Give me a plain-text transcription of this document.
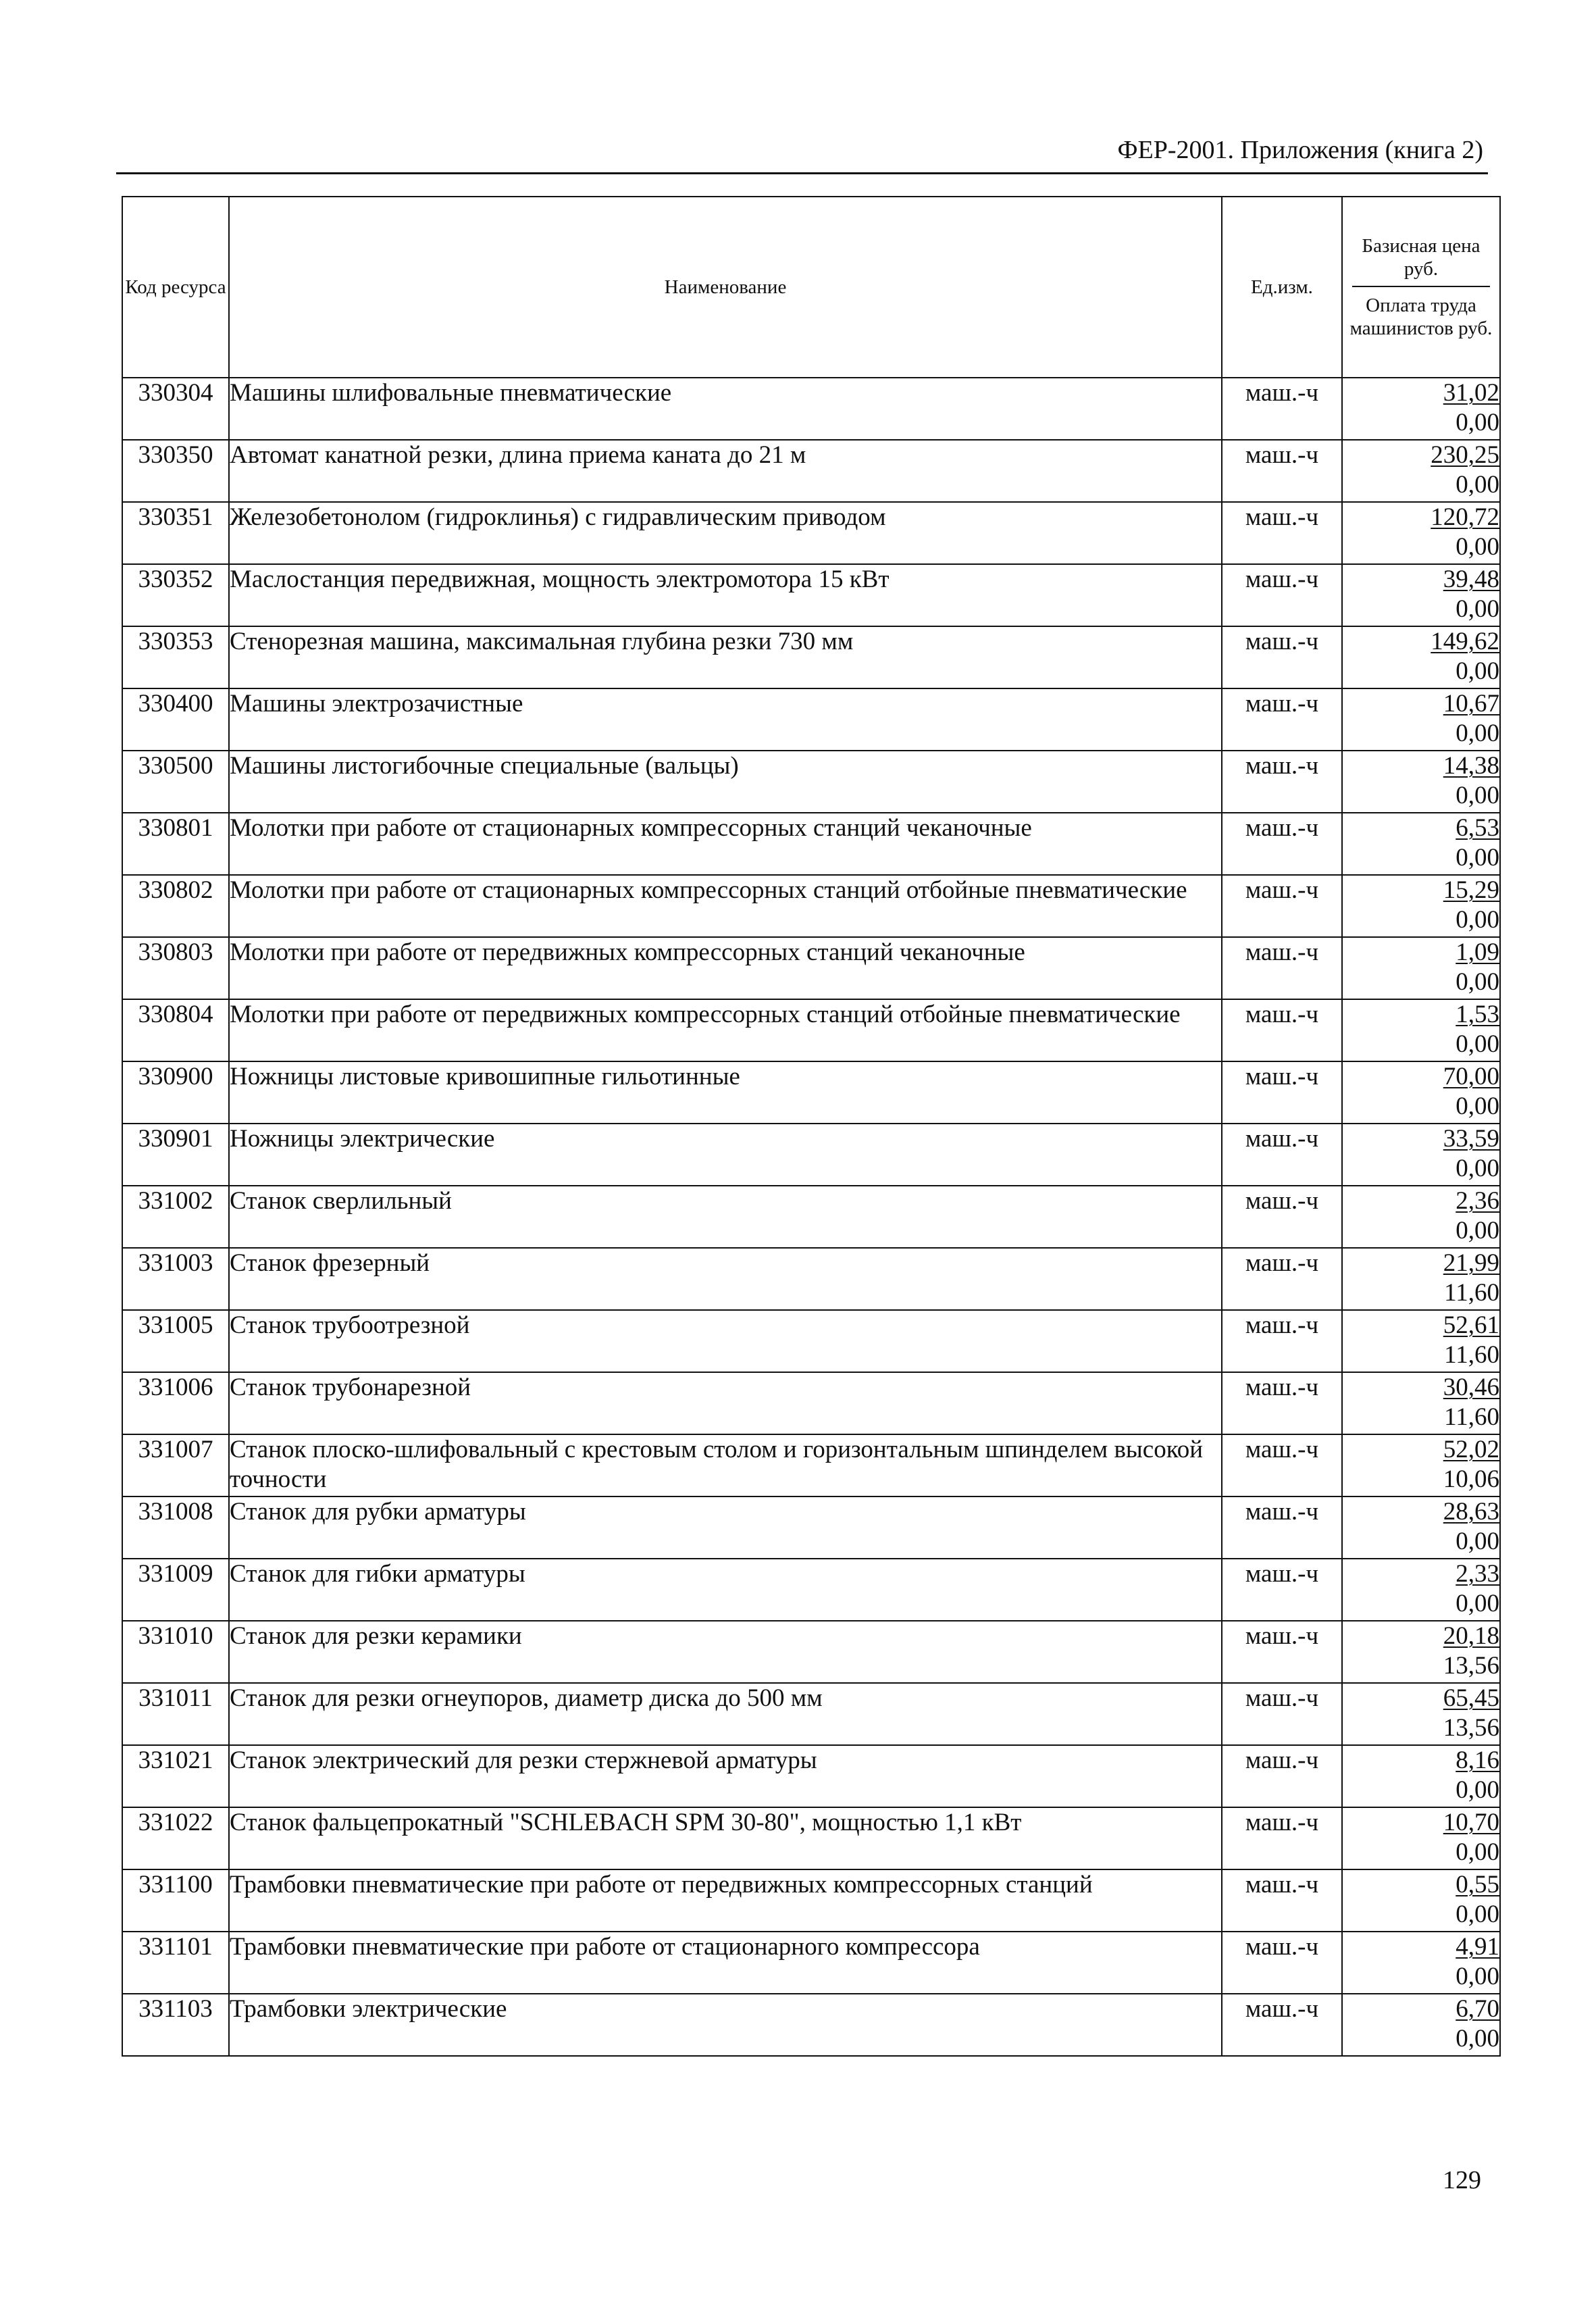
ФЕР-2001. Приложения (книга 2)
Код ресурса	Наименование	Ед.изм.	Базисная цена руб.
Оплата труда машинистов руб.

330304	Машины шлифовальные пневматические	маш.-ч	31,02
0,00

330350	Автомат канатной резки, длина приема каната до 21 м	маш.-ч	230,25
0,00

330351	Железобетонолом (гидроклинья) с гидравлическим приводом	маш.-ч	120,72
0,00

330352	Маслостанция передвижная, мощность электромотора 15 кВт	маш.-ч	39,48
0,00

330353	Стенорезная машина, максимальная глубина резки 730 мм	маш.-ч	149,62
0,00

330400	Машины электрозачистные	маш.-ч	10,67
0,00

330500	Машины листогибочные специальные (вальцы)	маш.-ч	14,38
0,00

330801	Молотки при работе от стационарных компрессорных станций чеканочные	маш.-ч	6,53
0,00

330802	Молотки при работе от стационарных компрессорных станций отбойные пневматические	маш.-ч	15,29
0,00

330803	Молотки при работе от передвижных компрессорных станций чеканочные	маш.-ч	1,09
0,00

330804	Молотки при работе от передвижных компрессорных станций отбойные пневматические	маш.-ч	1,53
0,00

330900	Ножницы листовые кривошипные гильотинные	маш.-ч	70,00
0,00

330901	Ножницы электрические	маш.-ч	33,59
0,00

331002	Станок сверлильный	маш.-ч	2,36
0,00

331003	Станок фрезерный	маш.-ч	21,99
11,60

331005	Станок трубоотрезной	маш.-ч	52,61
11,60

331006	Станок трубонарезной	маш.-ч	30,46
11,60

331007	Станок плоско-шлифовальный с крестовым столом и горизонтальным шпинделем высокой точности	маш.-ч	52,02
10,06

331008	Станок для рубки арматуры	маш.-ч	28,63
0,00

331009	Станок для гибки арматуры	маш.-ч	2,33
0,00

331010	Станок для резки керамики	маш.-ч	20,18
13,56

331011	Станок для резки огнеупоров, диаметр диска до 500 мм	маш.-ч	65,45
13,56

331021	Станок электрический для резки стержневой арматуры	маш.-ч	8,16
0,00

331022	Станок фальцепрокатный "SCHLEBACH SPM 30-80", мощностью 1,1 кВт	маш.-ч	10,70
0,00

331100	Трамбовки пневматические при работе от передвижных компрессорных станций	маш.-ч	0,55
0,00

331101	Трамбовки пневматические при работе от стационарного компрессора	маш.-ч	4,91
0,00

331103	Трамбовки электрические	маш.-ч	6,70
0,00
129
